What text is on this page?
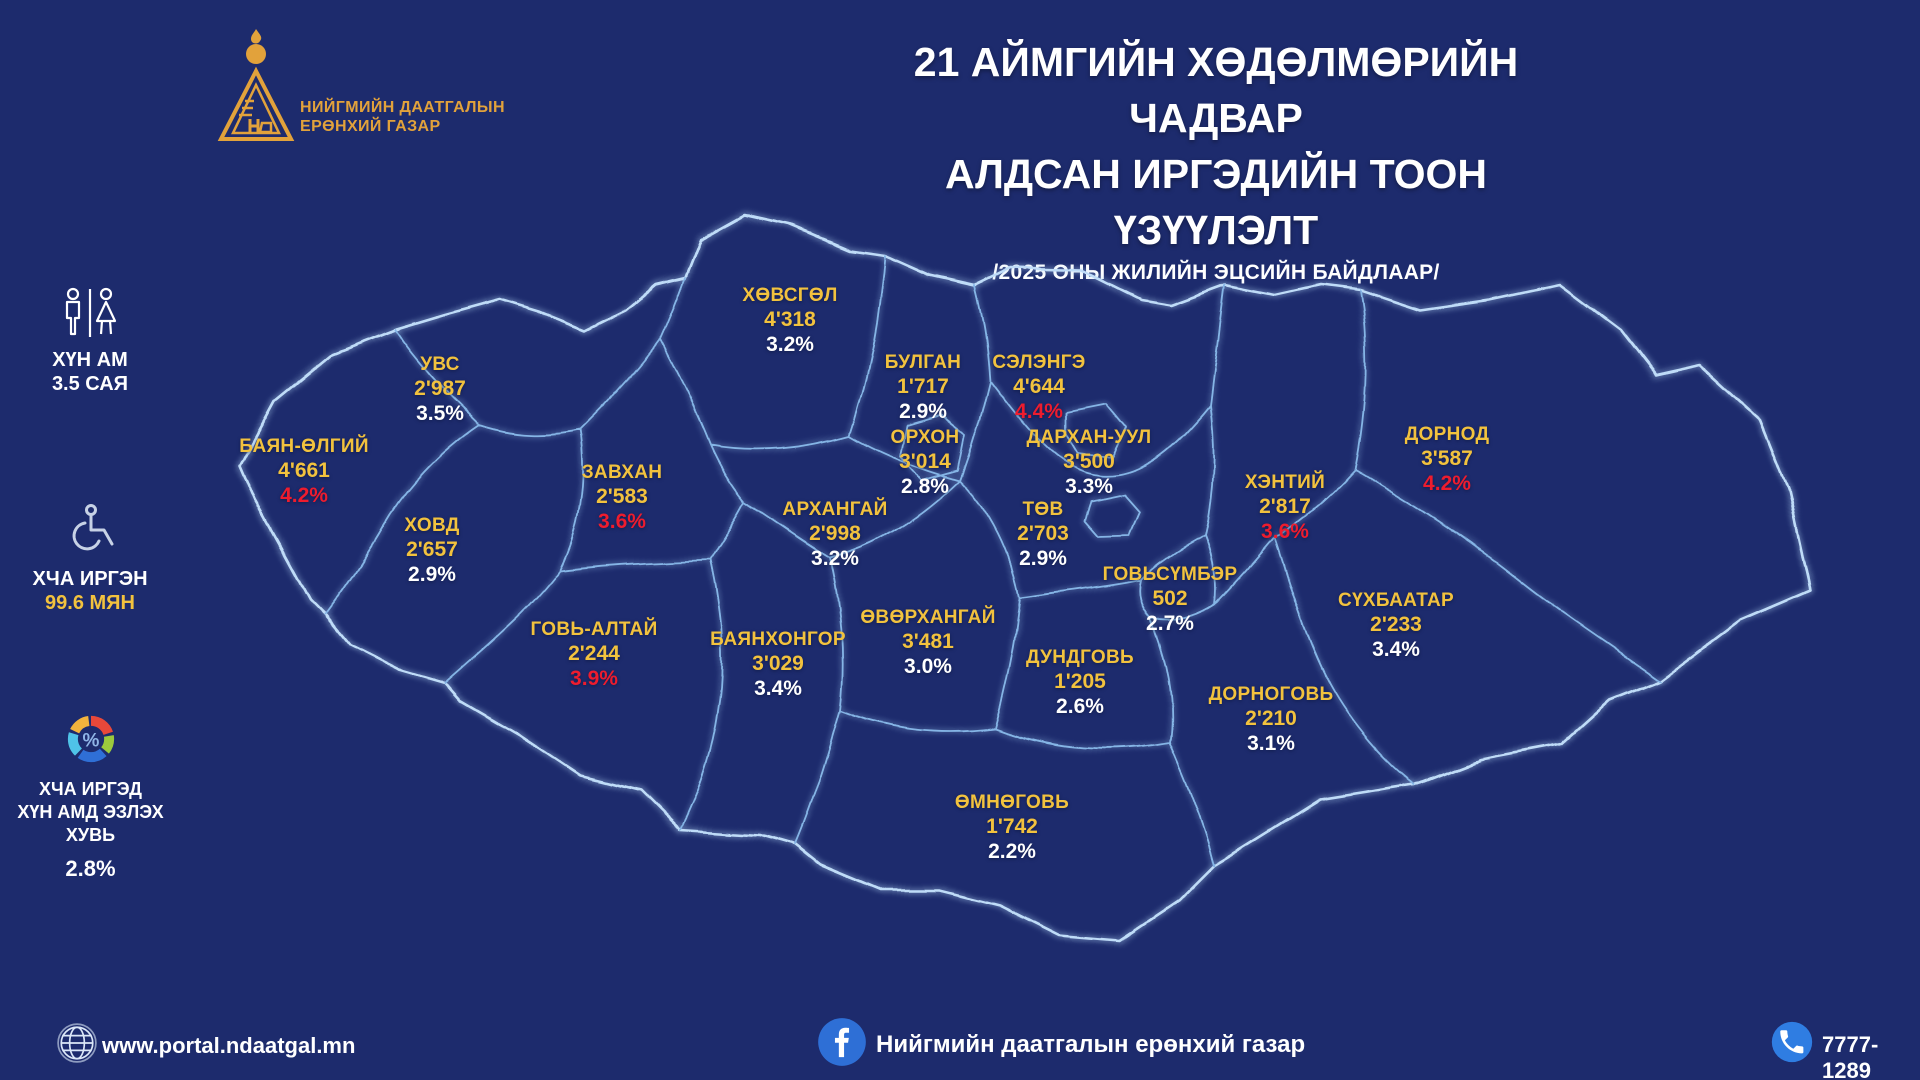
НИЙГМИЙН ДААТГАЛЫН
ЕРӨНХИЙ ГАЗАР
21 АЙМГИЙН ХӨДӨЛМӨРИЙН ЧАДВАР
АЛДСАН ИРГЭДИЙН ТООН ҮЗҮҮЛЭЛТ
/2025 ОНЫ ЖИЛИЙН ЭЦСИЙН БАЙДЛААР/
ХҮН АМ
3.5 САЯ
ХЧА ИРГЭН
99.6 МЯН
%
ХЧА ИРГЭД
ХҮН АМД ЭЗЛЭХ
ХУВЬ
2.8%
ХӨВСГӨЛ
4'318
3.2%
УВС
2'987
3.5%
БАЯН-ӨЛГИЙ
4'661
4.2%
ХОВД
2'657
2.9%
ЗАВХАН
2'583
3.6%
ГОВЬ-АЛТАЙ
2'244
3.9%
БАЯНХОНГОР
3'029
3.4%
АРХАНГАЙ
2'998
3.2%
БУЛГАН
1'717
2.9%
ОРХОН
3'014
2.8%
СЭЛЭНГЭ
4'644
4.4%
ДАРХАН-УУЛ
3'500
3.3%
ТӨВ
2'703
2.9%
ӨВӨРХАНГАЙ
3'481
3.0%	ДУНДГОВЬ
1'205
2.6%
ГОВЬСҮМБЭР
502
2.7%
ДОРНОГОВЬ
2'210
3.1%
ӨМНӨГОВЬ
1'742
2.2%
ХЭНТИЙ
2'817
3.6%
ДОРНОД
3'587
4.2%
СҮХБААТАР
2'233
3.4%
www.portal.ndaatgal.mn	Нийгмийн даатгалын ерөнхий газар	7777-1289
